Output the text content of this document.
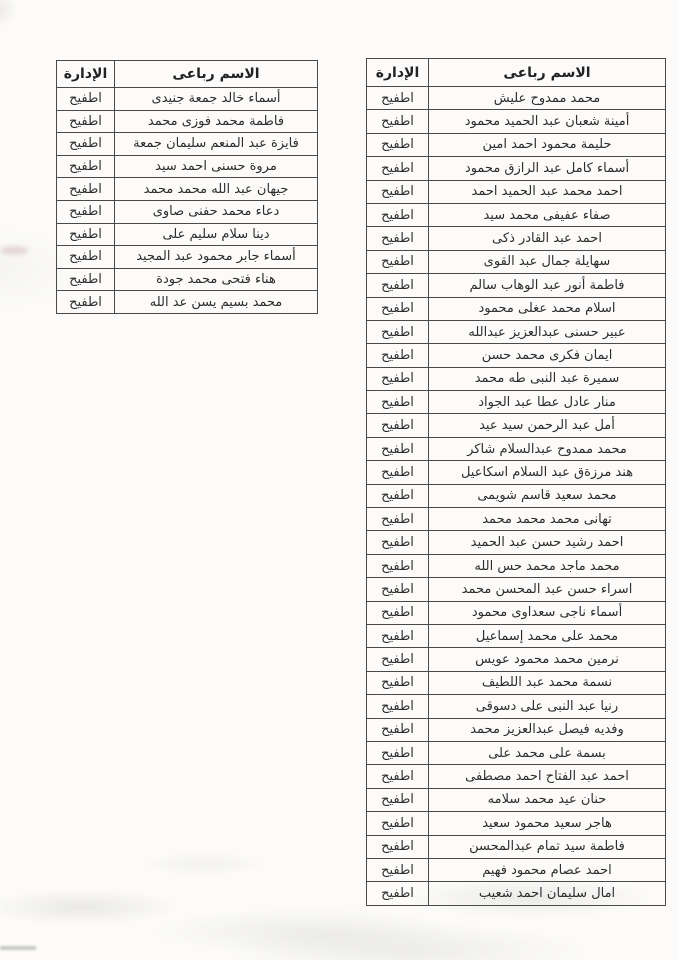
الاسم رباعى	الإدارة
محمد ممدوح عليش	اطفيح
أمينة شعبان عبد الحميد محمود	اطفيح
حليمة محمود احمد امين	اطفيح
أسماء كامل عبد الرازق محمود	اطفيح
احمد محمد عبد الحميد احمد	اطفيح
صفاء عفيفى محمد سيد	اطفيح
احمد عبد القادر ذكى	اطفيح
سهايلة جمال عبد القوى	اطفيح
فاطمة أنور عبد الوهاب سالم	اطفيح
اسلام محمد عغلى محمود	اطفيح
عبير حسنى عبدالعزيز عبدالله	اطفيح
ايمان فكرى محمد حسن	اطفيح
سميرة عبد النبى طه محمد	اطفيح
منار عادل عطا عبد الجواد	اطفيح
أمل عبد الرحمن سيد عيد	اطفيح
محمد ممدوح عبدالسلام شاكر	اطفيح
هند مرزةق عبد السلام اسكاعيل	اطفيح
محمد سعيد قاسم شويمى	اطفيح
تهانى محمد محمد محمد	اطفيح
احمد رشيد حسن عبد الحميد	اطفيح
محمد ماجد محمد حس الله	اطفيح
اسراء حسن عبد المحسن محمد	اطفيح
أسماء ناجى سعداوى محمود	اطفيح
محمد على محمد إسماعيل	اطفيح
نرمين محمد محمود عويس	اطفيح
نسمة محمد عبد اللطيف	اطفيح
رنيا عبد النبى على دسوقى	اطفيح
وفديه فيصل عبدالعزيز محمد	اطفيح
بسمة على محمد على	اطفيح
احمد عبد الفتاح احمد مصطفى	اطفيح
حنان عيد محمد سلامه	اطفيح
هاجر سعيد محمود سعيد	اطفيح
فاطمة سيد تمام عبدالمحسن	اطفيح
احمد عصام محمود فهيم	اطفيح
امال سليمان احمد شعيب	اطفيح
الاسم رباعى	الإدارة
أسماء خالد جمعة جنيدى	اطفيح
فاطمة محمد فوزى محمد	اطفيح
فايزة عبد المنعم سليمان جمعة	اطفيح
مروة حسنى احمد سيد	اطفيح
جيهان عبد الله محمد محمد	اطفيح
دعاء محمد حفنى صاوى	اطفيح
دينا سلام سليم على	اطفيح
أسماء جابر محمود عبد المجيد	اطفيح
هناء فتحى محمد جودة	اطفيح
محمد بسيم يسن عد الله	اطفيح
